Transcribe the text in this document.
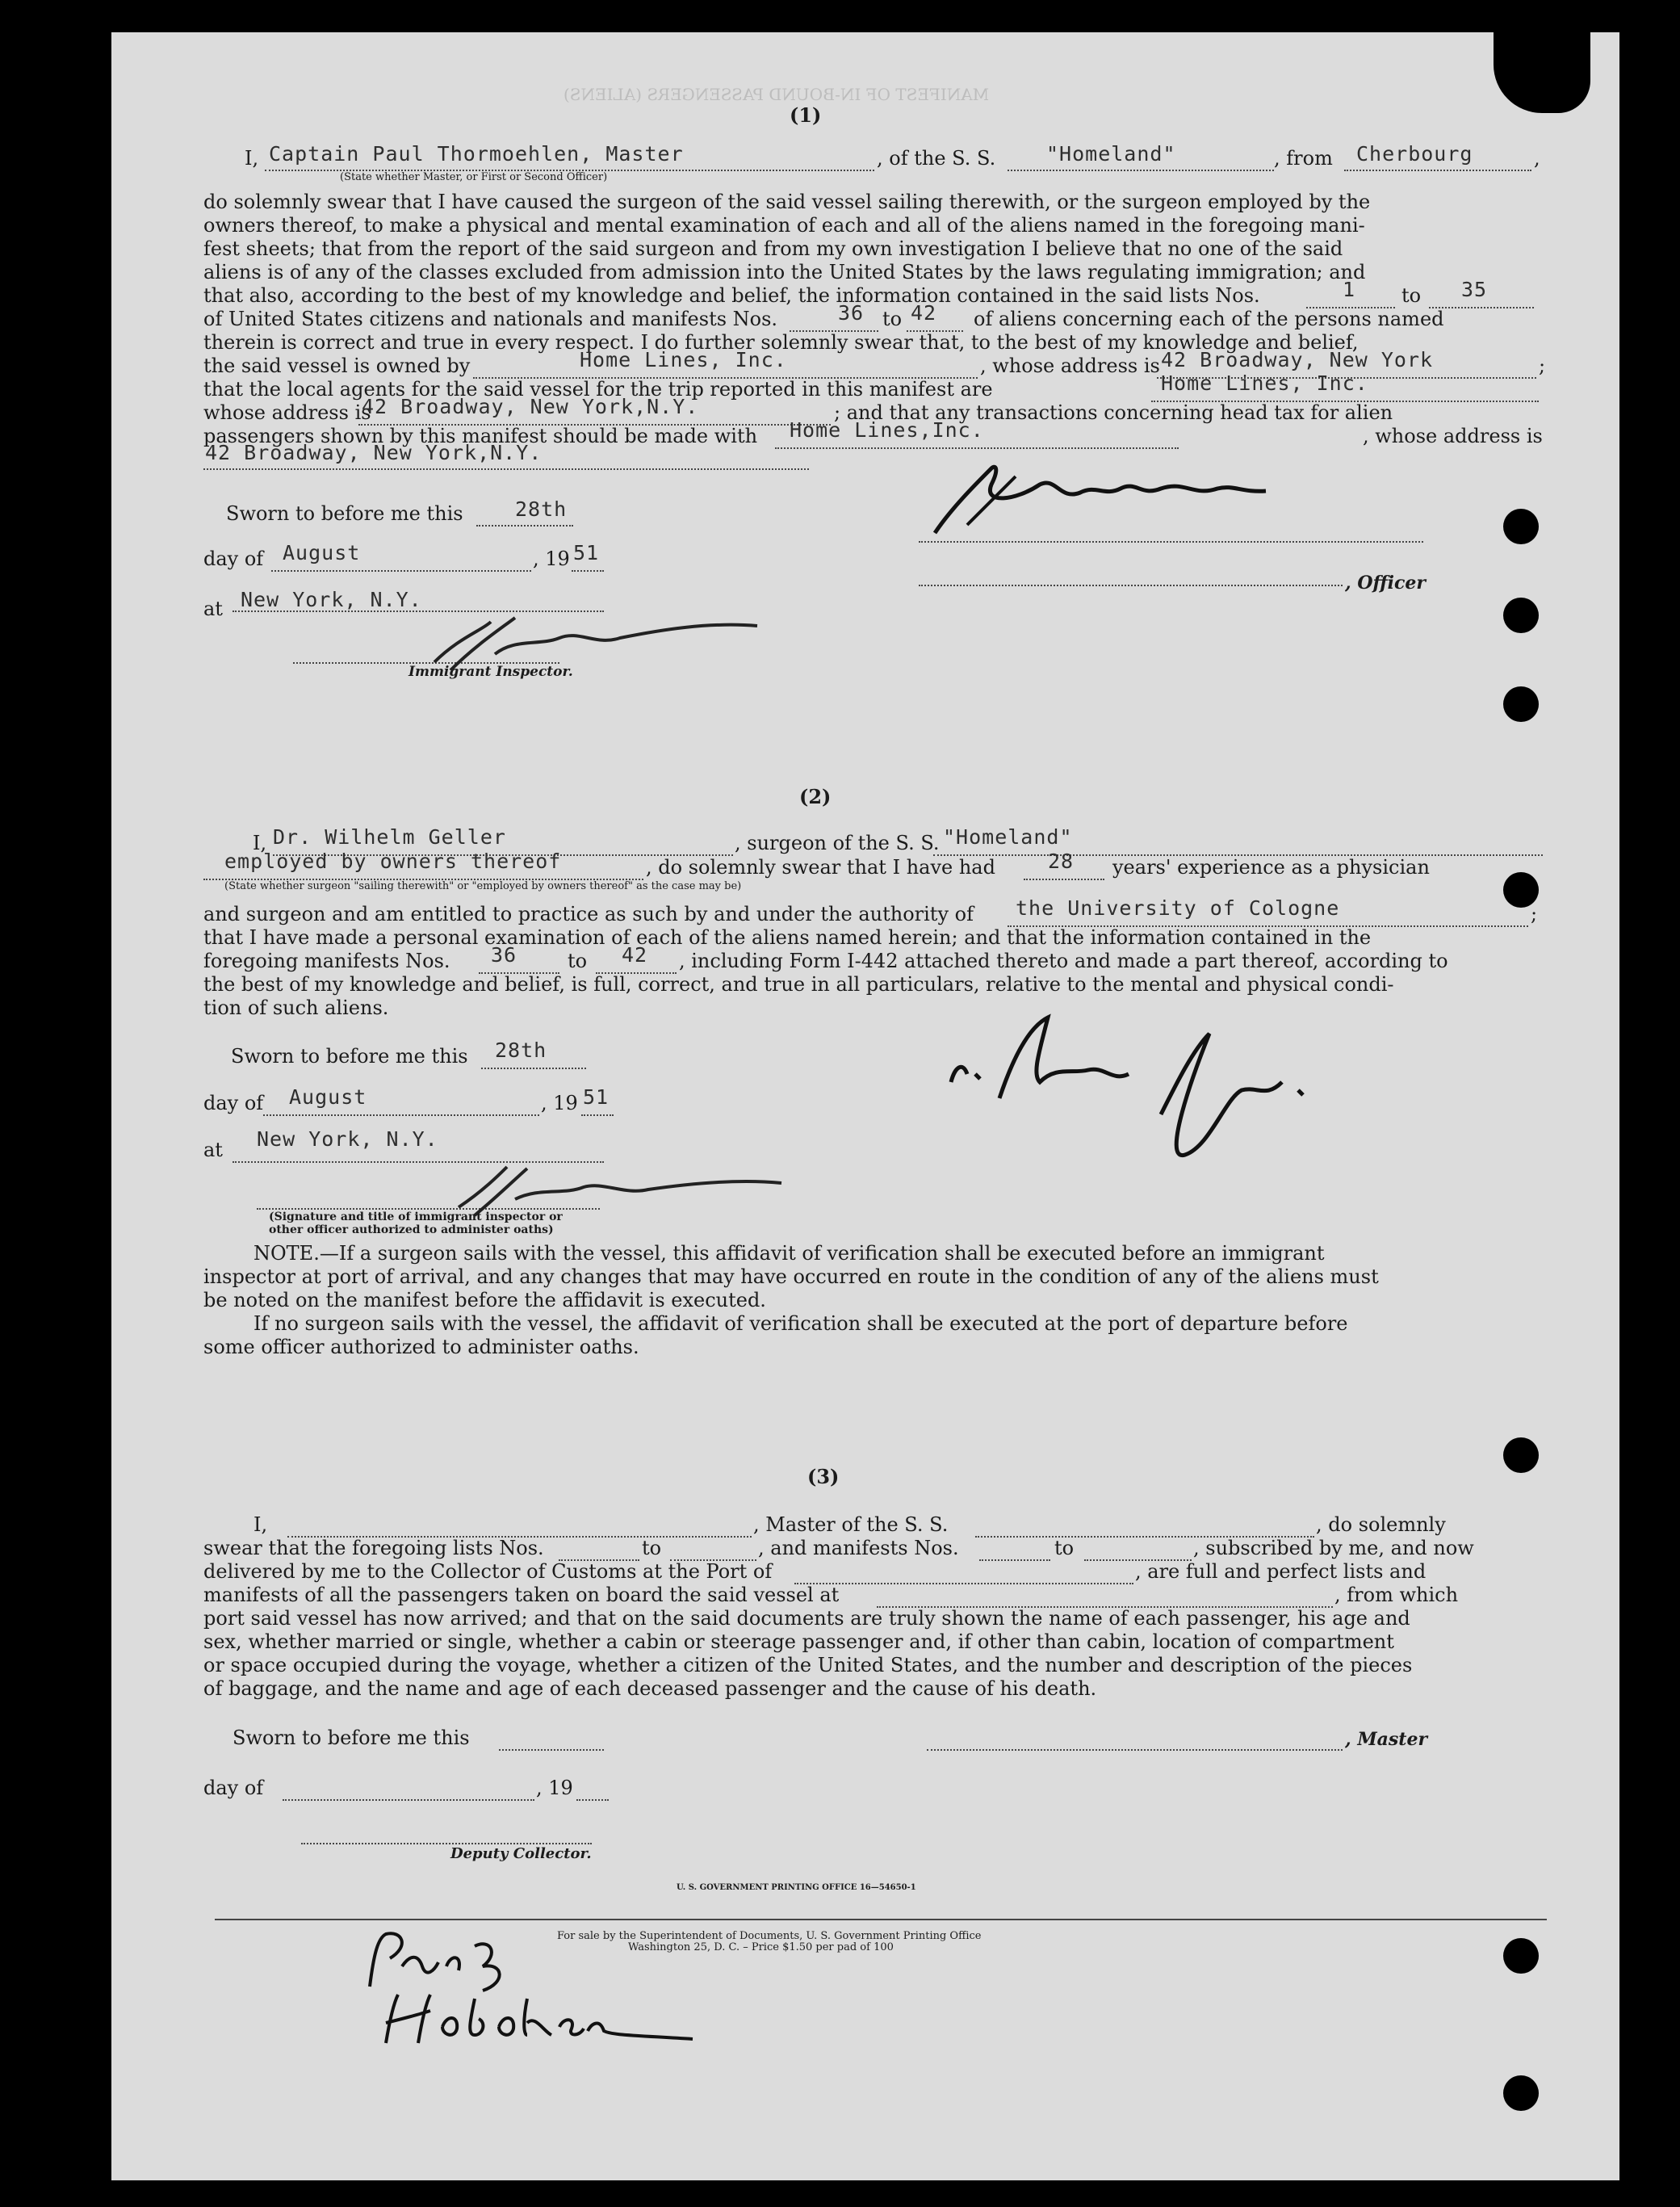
MANIFEST OF IN-BOUND PASSENGERS (ALIENS)
(1)
I, Captain Paul Thormoehlen, Master	, of the S. S.	"Homeland"	, from Cherbourg	,
(State whether Master, or First or Second Officer)
do solemnly swear that I have caused the surgeon of the said vessel sailing therewith, or the surgeon employed by the
owners thereof, to make a physical and mental examination of each and all of the aliens named in the foregoing mani-
fest sheets; that from the report of the said surgeon and from my own investigation I believe that no one of the said
aliens is of any of the classes excluded from admission into the United States by the laws regulating immigration; and
that also, according to the best of my knowledge and belief, the information contained in the said lists Nos.	1 to 35
of United States citizens and nationals and manifests Nos.	36 to 42 of aliens concerning each of the persons named
therein is correct and true in every respect. I do further solemnly swear that, to the best of my knowledge and belief,
the said vessel is owned by	Home Lines, Inc.	, whose address is 42 Broadway, New York	;
that the local agents for the said vessel for the trip reported in this manifest are	Home Lines, Inc.
whose address is
42 Broadway, New York,N.Y.	; and that any transactions concerning head tax for alien
passengers shown by this manifest should be made with Home Lines,Inc.	, whose address is
42 Broadway, New York,N.Y.
Sworn to before me this	28th
day of August	, 19 51
at New York, N.Y.
Immigrant Inspector.
, Officer
(2)
I, Dr. Wilhelm Geller	, surgeon of the S. S. "Homeland"
employed by owners thereof	, do solemnly swear that I have had	28 years' experience as a physician
(State whether surgeon "sailing therewith" or "employed by owners thereof" as the case may be)
and surgeon and am entitled to practice as such by and under the authority of the University of Cologne	;
that I have made a personal examination of each of the aliens named herein; and that the information contained in the
foregoing manifests Nos. 36	to 42 , including Form I-442 attached thereto and made a part thereof, according to
the best of my knowledge and belief, is full, correct, and true in all particulars, relative to the mental and physical condi-
tion of such aliens.
Sworn to before me this 28th
day of August	, 19 51
at New York, N.Y.
(Signature and title of immigrant inspector or
other officer authorized to administer oaths)
NOTE.—If a surgeon sails with the vessel, this affidavit of verification shall be executed before an immigrant
inspector at port of arrival, and any changes that may have occurred en route in the condition of any of the aliens must
be noted on the manifest before the affidavit is executed.
If no surgeon sails with the vessel, the affidavit of verification shall be executed at the port of departure before
some officer authorized to administer oaths.
(3)
I,	, Master of the S. S.	, do solemnly
swear that the foregoing lists Nos.	to	, and manifests Nos.	to	, subscribed by me, and now
delivered by me to the Collector of Customs at the Port of	, are full and perfect lists and
manifests of all the passengers taken on board the said vessel at	, from which
port said vessel has now arrived; and that on the said documents are truly shown the name of each passenger, his age and
sex, whether married or single, whether a cabin or steerage passenger and, if other than cabin, location of compartment
or space occupied during the voyage, whether a citizen of the United States, and the number and description of the pieces
of baggage, and the name and age of each deceased passenger and the cause of his death.
Sworn to before me this	, Master
day of	, 19
Deputy Collector.
U. S. GOVERNMENT PRINTING OFFICE 16—54650-1
For sale by the Superintendent of Documents, U. S. Government Printing Office
Washington 25, D. C. – Price $1.50 per pad of 100
